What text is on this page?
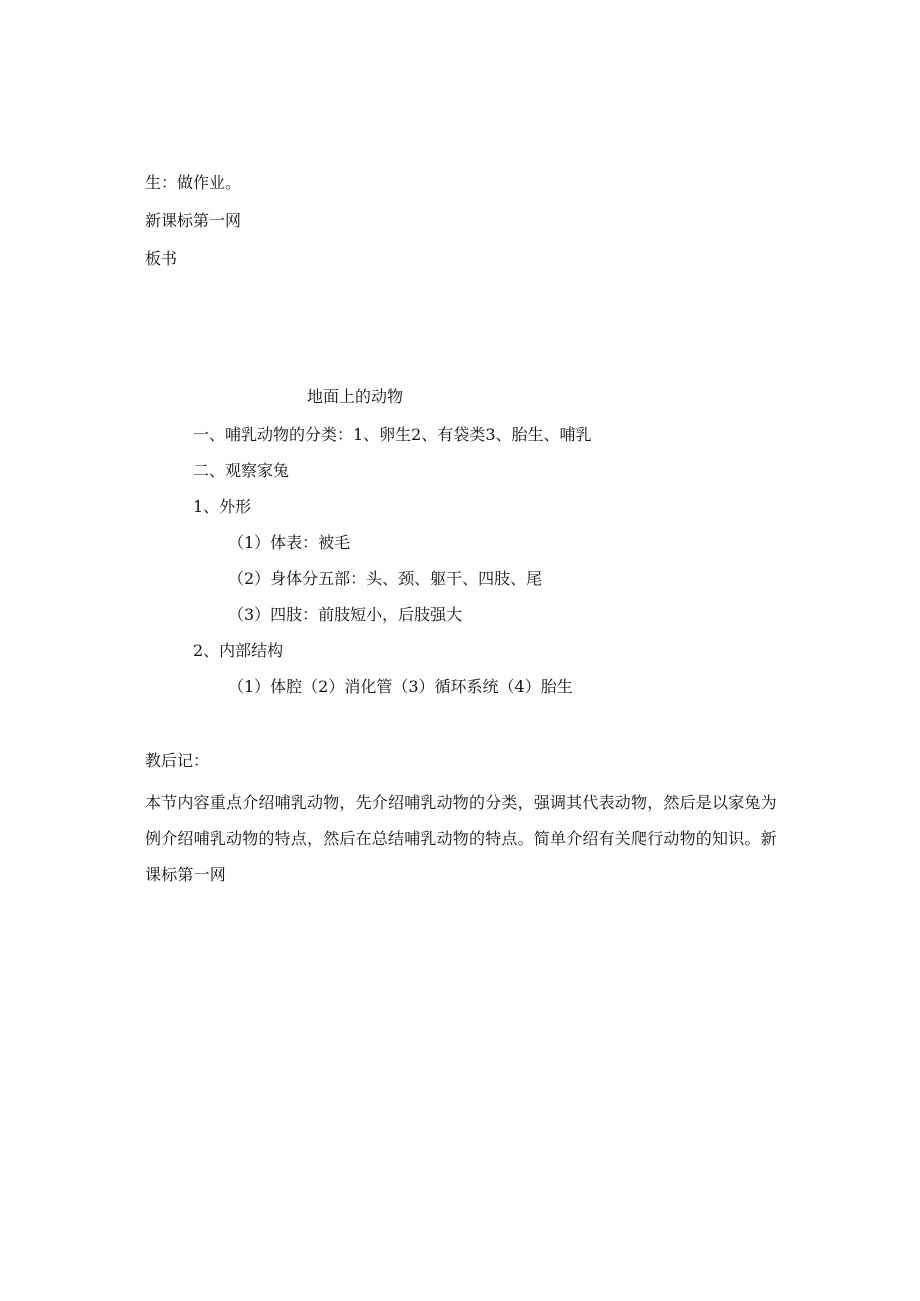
生：做作业。
新课标第一网
板书
地面上的动物
一、哺乳动物的分类：1、卵生2、有袋类3、胎生、哺乳
二、观察家兔
1、外形
（1）体表：被毛
（2）身体分五部：头、颈、躯干、四肢、尾
（3）四肢：前肢短小，后肢强大
2、内部结构
（1）体腔（2）消化管（3）循环系统（4）胎生
教后记：
本节内容重点介绍哺乳动物，先介绍哺乳动物的分类，强调其代表动物，然后是以家兔为例介绍哺乳动物的特点，然后在总结哺乳动物的特点。简单介绍有关爬行动物的知识。新课标第一网
